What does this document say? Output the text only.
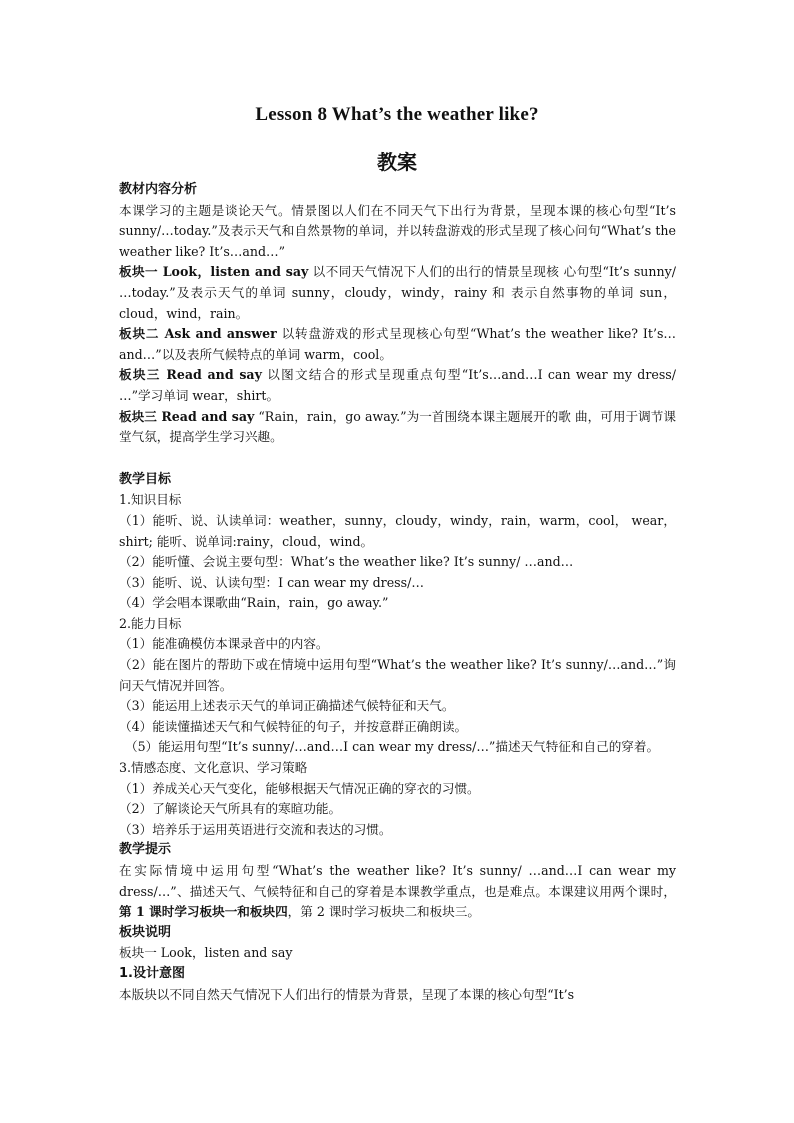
Lesson 8 What’s the weather like?
教案

教材内容分析

本课学习的主题是谈论天气。情景图以人们在不同天气下出行为背景，呈现本课的核心句型“It’s sunny/…today.”及表示天气和自然景物的单词，并以转盘游戏的形式呈现了核心问句“What’s the weather like? It’s…and…”

板块一 Look，listen and say 以不同天气情况下人们的出行的情景呈现核 心句型“It’s sunny/ …today.”及表示天气的单词 sunny，cloudy，windy，rainy 和 表示自然事物的单词 sun，cloud，wind，rain。

板块二 Ask and answer 以转盘游戏的形式呈现核心句型“What’s the weather like? It’s…and…”以及表所气候特点的单词 warm，cool。

板块三 Read and say 以图文结合的形式呈现重点句型“It’s…and…I can wear my dress/ …”学习单词 wear，shirt。

板块三 Read and say “Rain，rain，go away.”为一首围绕本课主题展开的歌 曲，可用于调节课堂气氛，提高学生学习兴趣。

教学目标

1.知识目标

（1）能听、说、认读单词：weather，sunny，cloudy，windy，rain，warm，cool， wear，shirt; 能听、说单词:rainy，cloud，wind。

（2）能听懂、会说主要句型：What’s the weather like? It’s sunny/ …and…

（3）能听、说、认读句型：I can wear my dress/…

（4）学会唱本课歌曲“Rain，rain，go away.”

2.能力目标

（1）能准确模仿本课录音中的内容。

（2）能在图片的帮助下或在情境中运用句型“What’s the weather like? It’s sunny/…and…”询问天气情况并回答。

（3）能运用上述表示天气的单词正确描述气候特征和天气。

（4）能读懂描述天气和气候特征的句子，并按意群正确朗读。

（5）能运用句型“It’s sunny/…and…I can wear my dress/…”描述天气特征和自己的穿着。

3.情感态度、文化意识、学习策略

（1）养成关心天气变化，能够根据天气情况正确的穿衣的习惯。

（2）了解谈论天气所具有的寒暄功能。

（3）培养乐于运用英语进行交流和表达的习惯。

教学提示

在实际情境中运用句型“What’s the weather like? It’s sunny/ …and…I can wear my dress/…”、描述天气、气候特征和自己的穿着是本课教学重点，也是难点。本课建议用两个课时，第 1 课时学习板块一和板块四，第 2 课时学习板块二和板块三。

板块说明

板块一 Look，listen and say

1.设计意图

本版块以不同自然天气情况下人们出行的情景为背景，呈现了本课的核心句型“It’s
